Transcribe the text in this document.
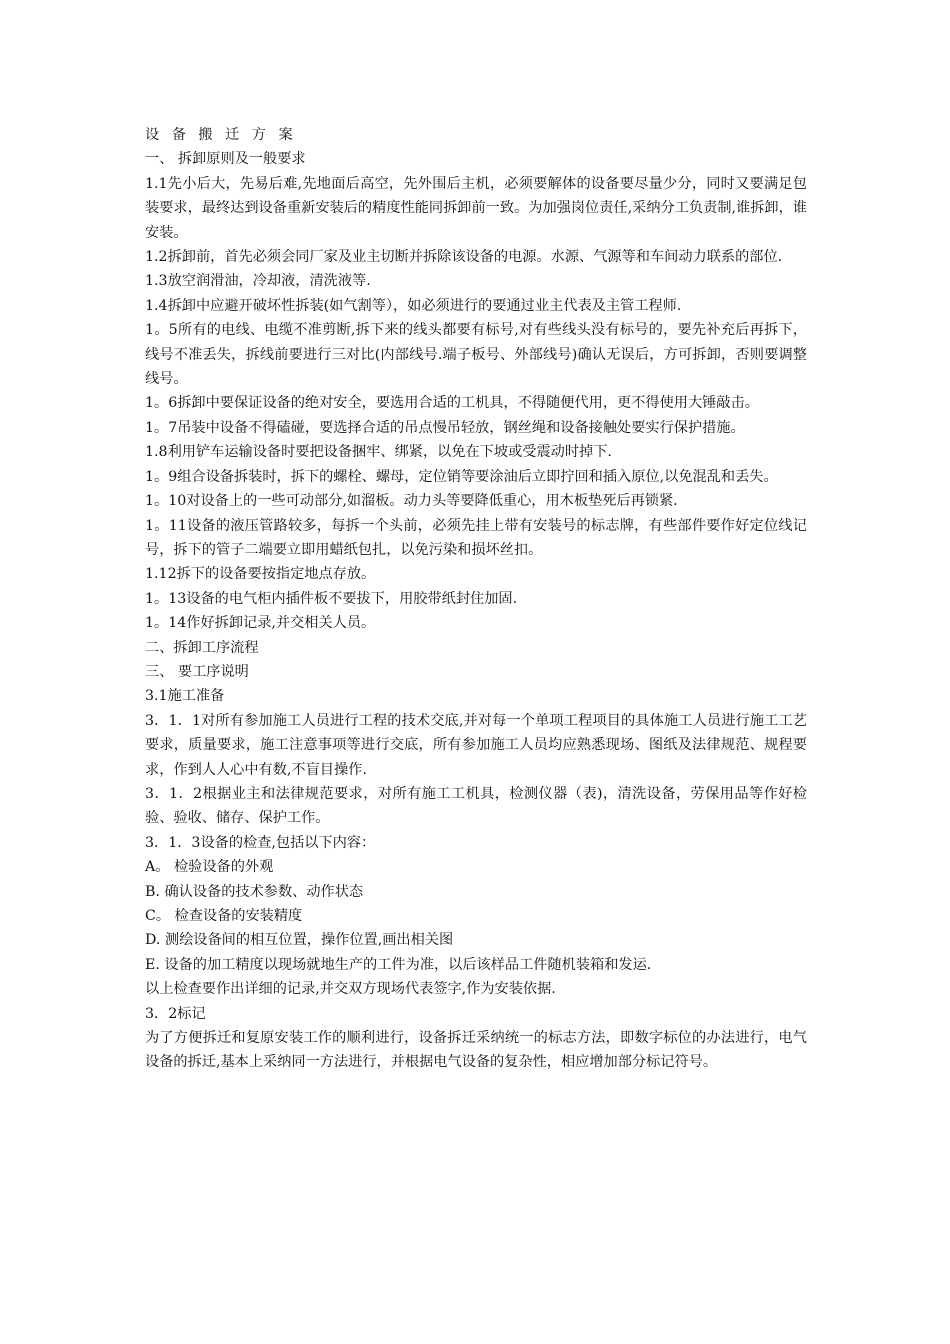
设 备 搬 迁 方 案

一、 拆卸原则及一般要求

1.1先小后大，先易后难,先地面后高空，先外围后主机，必须要解体的设备要尽量少分，同时又要满足包装要求，最终达到设备重新安装后的精度性能同拆卸前一致。为加强岗位责任,采纳分工负责制,谁拆卸，谁安装。

1.2拆卸前，首先必须会同厂家及业主切断并拆除该设备的电源。水源、气源等和车间动力联系的部位.

1.3放空润滑油，冷却液，清洗液等.

1.4拆卸中应避开破坏性拆装(如气割等），如必须进行的要通过业主代表及主管工程师.

1。5所有的电线、电缆不准剪断,拆下来的线头都要有标号,对有些线头没有标号的，要先补充后再拆下，线号不准丢失，拆线前要进行三对比(内部线号.端子板号、外部线号)确认无误后，方可拆卸，否则要调整线号。

1。6拆卸中要保证设备的绝对安全，要选用合适的工机具，不得随便代用，更不得使用大锤敲击。

1。7吊装中设备不得磕碰，要选择合适的吊点慢吊轻放，钢丝绳和设备接触处要实行保护措施。

1.8利用铲车运输设备时要把设备捆牢、绑紧，以免在下坡或受震动时掉下.

1。9组合设备拆装时，拆下的螺栓、螺母，定位销等要涂油后立即拧回和插入原位,以免混乱和丢失。

1。10对设备上的一些可动部分,如溜板。动力头等要降低重心，用木板垫死后再锁紧.

1。11设备的液压管路较多，每拆一个头前，必须先挂上带有安装号的标志牌，有些部件要作好定位线记号，拆下的管子二端要立即用蜡纸包扎，以免污染和损坏丝扣。

1.12拆下的设备要按指定地点存放。

1。13设备的电气柜内插件板不要拔下，用胶带纸封住加固.

1。14作好拆卸记录,并交相关人员。

二、拆卸工序流程

三、 要工序说明

3.1施工准备

3．1．1对所有参加施工人员进行工程的技术交底,并对每一个单项工程项目的具体施工人员进行施工工艺要求，质量要求，施工注意事项等进行交底，所有参加施工人员均应熟悉现场、图纸及法律规范、规程要求，作到人人心中有数,不盲目操作.

3．1．2根据业主和法律规范要求，对所有施工工机具，检测仪器（表)，清洗设备，劳保用品等作好检验、验收、储存、保护工作。

3．1．3设备的检查,包括以下内容：

A。 检验设备的外观

B. 确认设备的技术参数、动作状态

C。 检查设备的安装精度

D. 测绘设备间的相互位置，操作位置,画出相关图

E. 设备的加工精度以现场就地生产的工件为准，以后该样品工件随机装箱和发运.

以上检查要作出详细的记录,并交双方现场代表签字,作为安装依据.

3．2标记

为了方便拆迁和复原安装工作的顺利进行，设备拆迁采纳统一的标志方法，即数字标位的办法进行，电气设备的拆迁,基本上采纳同一方法进行，并根据电气设备的复杂性，相应增加部分标记符号。
